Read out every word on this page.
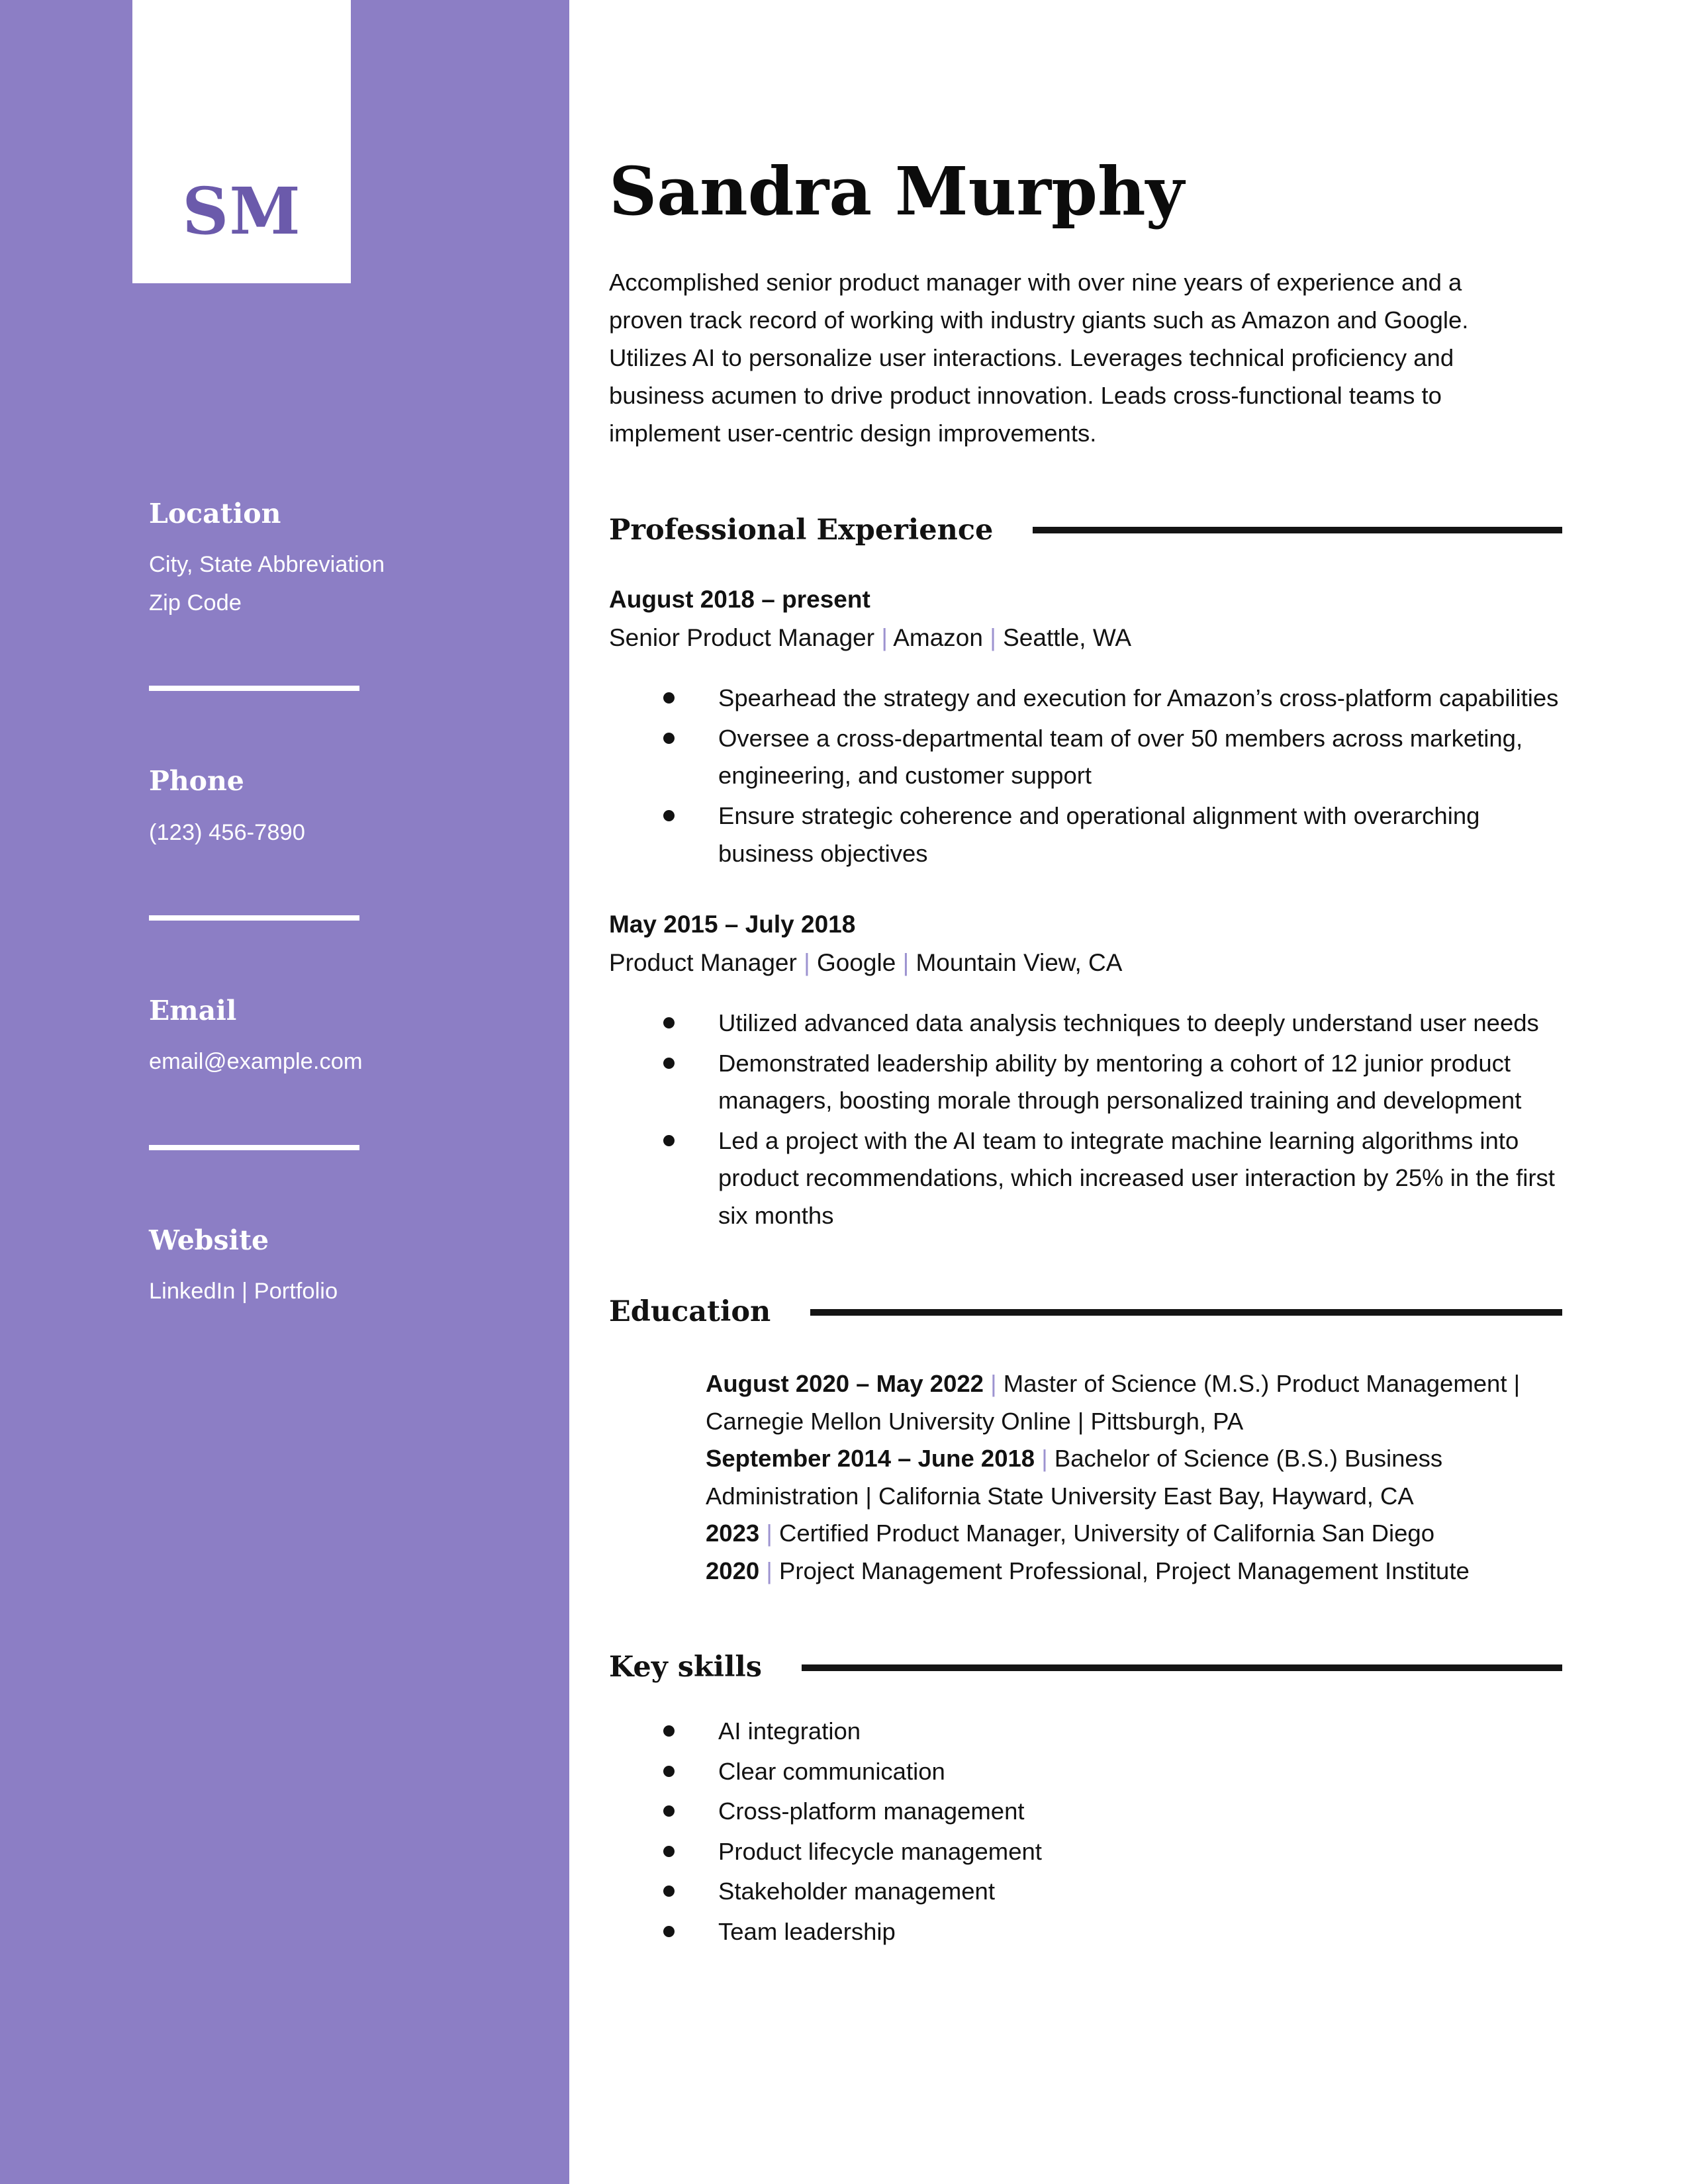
SM
Location
City, State Abbreviation
Zip Code
Phone
(123) 456-7890
Email
email@example.com
Website
LinkedIn | Portfolio
Sandra Murphy

Accomplished senior product manager with over nine years of experience and a proven track record of working with industry giants such as Amazon and Google. Utilizes AI to personalize user interactions. Leverages technical proficiency and business acumen to drive product innovation. Leads cross-functional teams to implement user-centric design improvements.

Professional Experience
August 2018 – present
Senior Product Manager | Amazon | Seattle, WA
Spearhead the strategy and execution for Amazon’s cross-platform capabilities
Oversee a cross-departmental team of over 50 members across marketing, engineering, and customer support
Ensure strategic coherence and operational alignment with overarching business objectives
May 2015 – July 2018
Product Manager | Google | Mountain View, CA
Utilized advanced data analysis techniques to deeply understand user needs
Demonstrated leadership ability by mentoring a cohort of 12 junior product managers, boosting morale through personalized training and development
Led a project with the AI team to integrate machine learning algorithms into product recommendations, which increased user interaction by 25% in the first six months
Education
August 2020 – May 2022 | Master of Science (M.S.) Product Management | Carnegie Mellon University Online | Pittsburgh, PA
September 2014 – June 2018 | Bachelor of Science (B.S.) Business Administration | California State University East Bay, Hayward, CA
2023 | Certified Product Manager, University of California San Diego
2020 | Project Management Professional, Project Management Institute
Key skills
AI integration
Clear communication
Cross-platform management
Product lifecycle management
Stakeholder management
Team leadership
